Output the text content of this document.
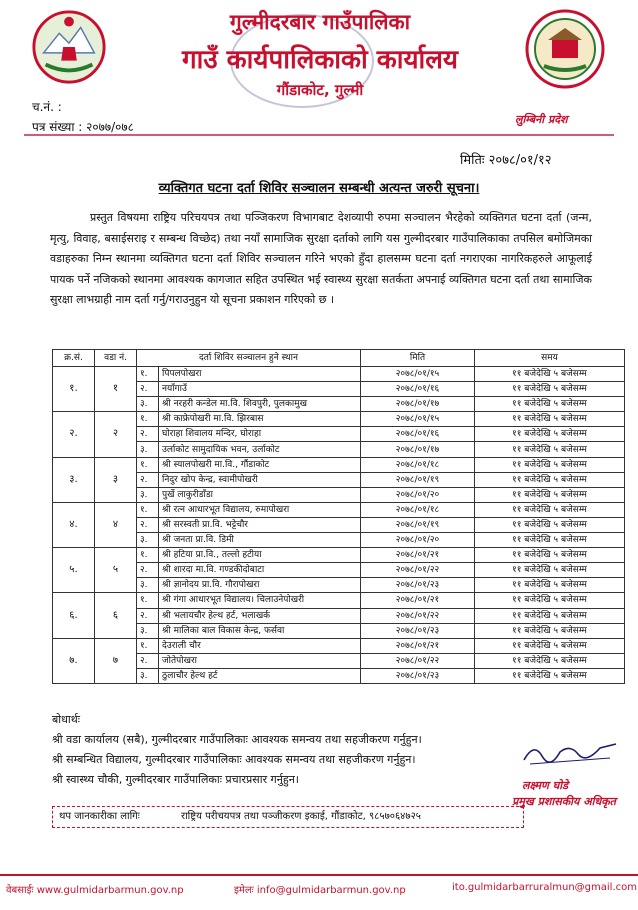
गुल्मीदरबार गाउँपालिका
गाउँ कार्यपालिकाको कार्यालय
गौंडाकोट, गुल्मी
च.नं. :
पत्र संख्या : २०७७/०७८
लुम्बिनी प्रदेश
मितिः २०७८/०१/१२
व्यक्तिगत घटना दर्ता शिविर सञ्चालन सम्बन्धी अत्यन्त जरुरी सूचना।
प्रस्तुत विषयमा राष्ट्रिय परिचयपत्र तथा पञ्जिकरण विभागबाट देशव्यापी रुपमा सञ्चालन भैरहेको व्यक्तिगत घटना दर्ता (जन्म, मृत्यु, विवाह, बसाईसराइ र सम्बन्ध विच्छेद) तथा नयाँ सामाजिक सुरक्षा दर्ताको लागि यस गुल्मीदरबार गाउँपालिकाका तपसिल बमोजिमका वडाहरुका निम्न स्थानमा व्यक्तिगत घटना दर्ता शिविर सञ्चालन गरिने भएको हुँदा हालसम्म घटना दर्ता नगराएका नागरिकहरुले आफूलाई पायक पर्ने नजिकको स्थानमा आवश्यक कागजात सहित उपस्थित भई स्वास्थ्य सुरक्षा सतर्कता अपनाई व्यक्तिगत घटना दर्ता तथा सामाजिक सुरक्षा लाभग्राही नाम दर्ता गर्नु/गराउनुहुन यो सूचना प्रकाशन गरिएको छ ।
क्र.सं.	वडा नं.	दर्ता शिविर सञ्चालन हुने स्थान		मिति	समय
१.	१	१.	पिपलपोखरा	२०७८/०१/१५	११ बजेदेखि ५ बजेसम्म
		२.	नयाँगाउँ	२०७८/०१/१६	११ बजेदेखि ५ बजेसम्म
		३.	श्री नरहरी कन्डेल मा.वि. शिवपुरी, पुलकामुख	२०७८/०१/१७	११ बजेदेखि ५ बजेसम्म
२.	२	१.	श्री काफ्रेपोखरी मा.वि. झिरबास	२०७८/०१/१५	११ बजेदेखि ५ बजेसम्म
		२.	घोराहा शिवालय मन्दिर, घोराहा	२०७८/०१/१६	११ बजेदेखि ५ बजेसम्म
		३.	उर्लाकोट सामुदायिक भवन, उर्लाकोट	२०७८/०१/१७	११ बजेदेखि ५ बजेसम्म
३.	३	१.	श्री स्यालपोखरी मा.वि., गौंडाकोट	२०७८/०१/१८	११ बजेदेखि ५ बजेसम्म
		२.	निदुर खोप केन्द्र, स्वामीपोखरी	२०७८/०१/१९	११ बजेदेखि ५ बजेसम्म
		३.	पुर्खे लाकुरीडाँडा	२०७८/०१/२०	११ बजेदेखि ५ बजेसम्म
४.	४	१.	श्री रत्न आधारभूत विद्यालय, रुमापोखरा	२०७८/०१/१८	११ बजेदेखि ५ बजेसम्म
		२.	श्री सरस्वती प्रा.वि. भट्टेचौर	२०७८/०१/१९	११ बजेदेखि ५ बजेसम्म
		३.	श्री जनता प्रा.वि. डिमी	२०७८/०१/२०	११ बजेदेखि ५ बजेसम्म
५.	५	१.	श्री हटिया प्रा.वि., तल्लो हटीया	२०७८/०१/२१	११ बजेदेखि ५ बजेसम्म
		२.	श्री शारदा मा.वि. गण्डकीदोबाटा	२०७८/०१/२२	११ बजेदेखि ५ बजेसम्म
		३.	श्री ज्ञानोदय प्रा.वि. गौरापोखरा	२०७८/०१/२३	११ बजेदेखि ५ बजेसम्म
६.	६	१.	श्री गंगा आधारभूत विद्यालय। चिलाउनेपोखरी	२०७८/०१/२१	११ बजेदेखि ५ बजेसम्म
		२.	श्री भलायचौर हेल्थ हर्ट, भलाखर्क	२०७८/०१/२२	११ बजेदेखि ५ बजेसम्म
		३.	श्री मालिका बाल विकास केन्द्र, फर्सवा	२०७८/०१/२३	११ बजेदेखि ५ बजेसम्म
७.	७	१.	देउराली चौर	२०७८/०१/२१	११ बजेदेखि ५ बजेसम्म
		२.	जोतेपोखरा	२०७८/०१/२२	११ बजेदेखि ५ बजेसम्म
		३.	ठुलाचौर हेल्थ हर्ट	२०७८/०१/२३	११ बजेदेखि ५ बजेसम्म
बोधार्थः
श्री वडा कार्यालय (सबै), गुल्मीदरबार गाउँपालिकाः आवश्यक समन्वय तथा सहजीकरण गर्नुहुन।
श्री सम्बन्धित विद्यालय, गुल्मीदरबार गाउँपालिकाः आवश्यक समन्वय तथा सहजीकरण गर्नुहुन।
श्री स्वास्थ्य चौकी, गुल्मीदरबार गाउँपालिकाः प्रचारप्रसार गर्नुहुन।	लक्ष्मण घोडे
प्रमुख प्रशासकीय अधिकृत
थप जानकारीका लागिः	राष्ट्रिय परीचयपत्र तथा पञ्जीकरण इकाई, गौंडाकोट, ९८५७०६४७२५
वेबसाईः www.gulmidarbarmun.gov.np	इमेलः info@gulmidarbarmun.gov.np	ito.gulmidarbarruralmun@gmail.com
